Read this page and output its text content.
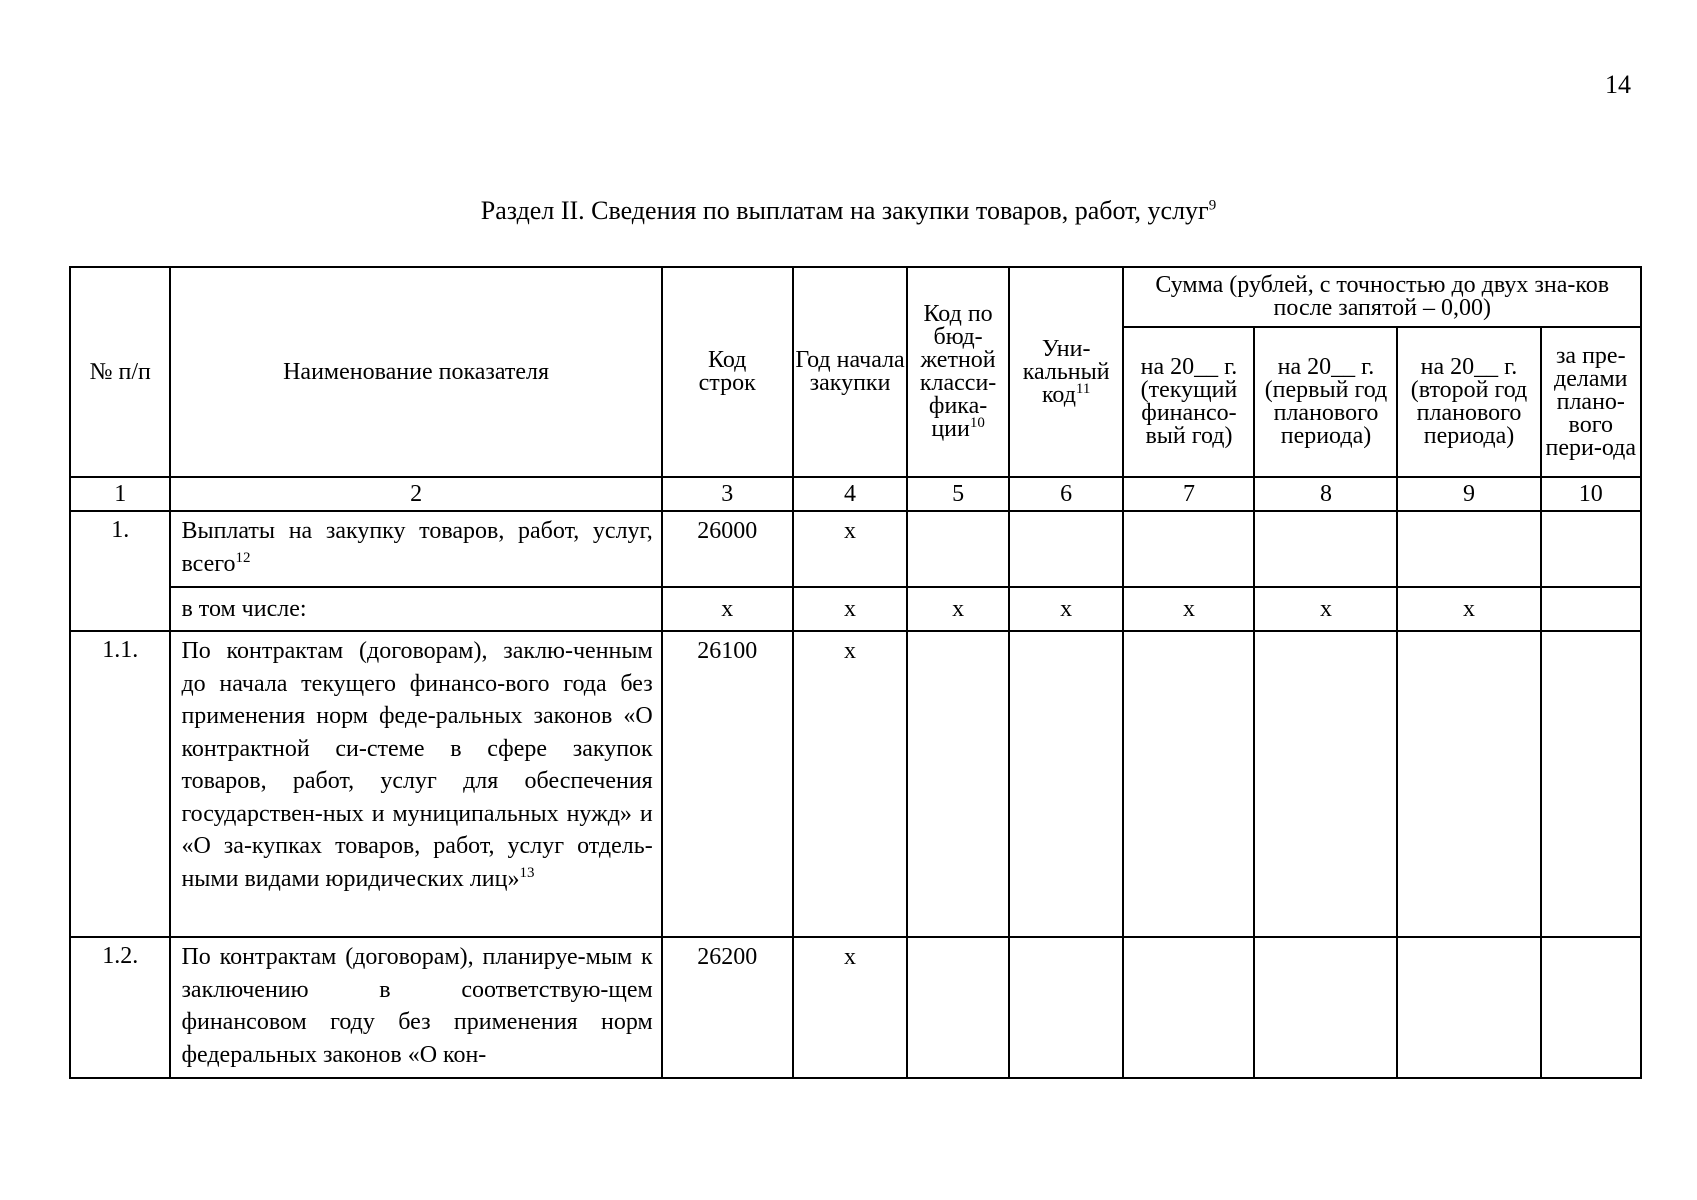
14
Раздел II. Сведения по выплатам на закупки товаров, работ, услуг$^9$
№ п/п	Наименование показателя	Код строк	Год начала закупки	Код по бюд-жетной класси-фика-ции$^{10}$	Уни-кальный код$^{11}$	Сумма (рублей, с точностью до двух зна-ков после запятой – 0,00)			
						на 20__ г. (текущий финансо-вый год)	на 20__ г. (первый год планового периода)	на 20__ г. (второй год планового периода)	за пре-делами плано-вого пери-ода
1	2	3	4	5	6	7	8	9	10
1.	Выплаты на закупку товаров, работ, услуг, всего$^{12}$	26000	х						
	в том числе:	х	х	х	х	х	х	х	
1.1.	По контрактам (договорам), заклю-ченным до начала текущего финансо-вого года без применения норм феде-ральных законов «О контрактной си-стеме в сфере закупок товаров, работ, услуг для обеспечения государствен-ных и муниципальных нужд» и «О за-купках товаров, работ, услуг отдель-ными видами юридических лиц»$^{13}$	26100	х						
1.2.	По контрактам (договорам), планируе-мым к заключению в соответствую-щем финансовом году без применения норм федеральных законов «О кон-	26200	х						
